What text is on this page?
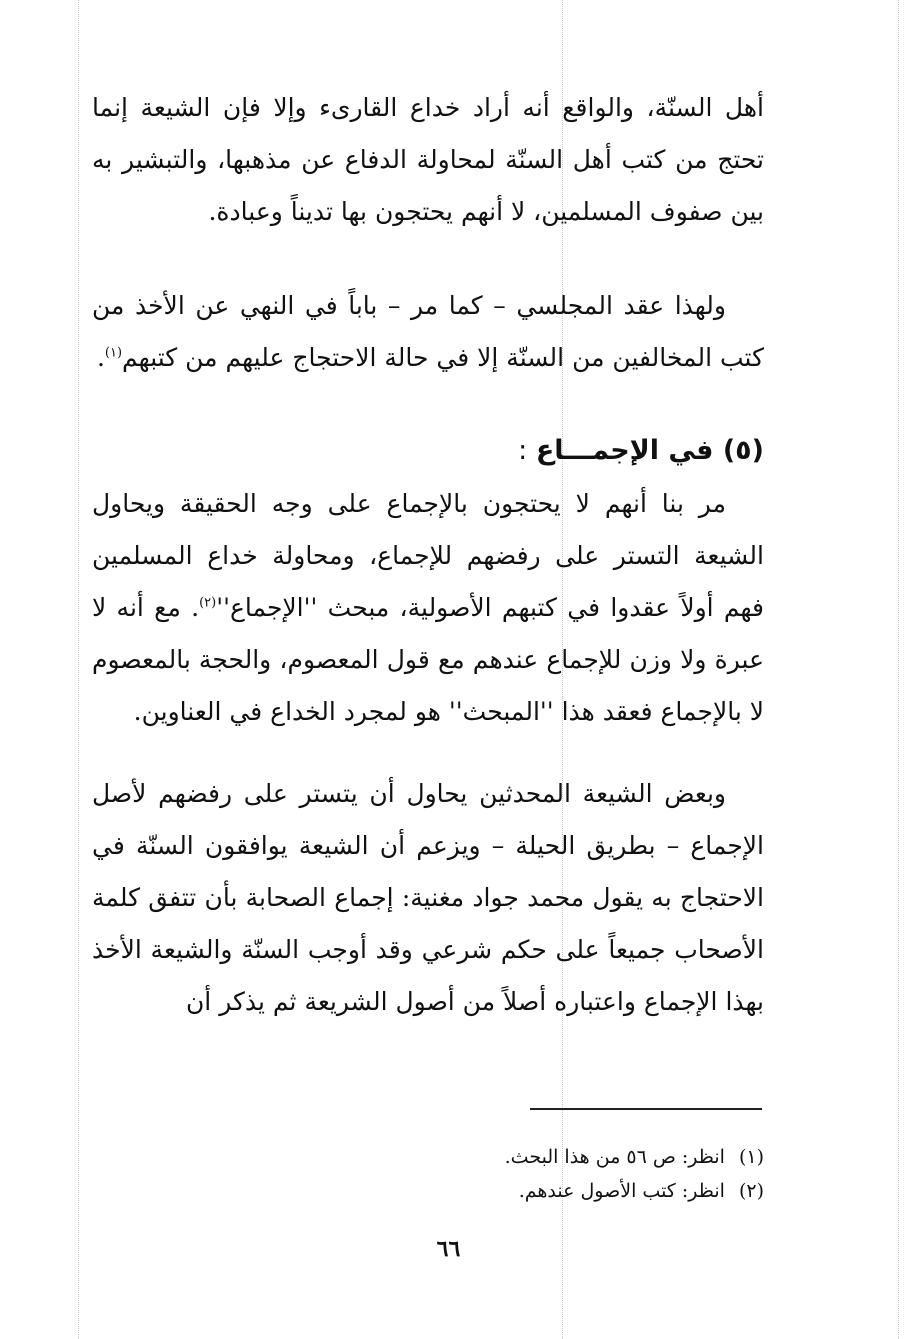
أهل السنّة، والواقع أنه أراد خداع القارىء وإلا فإن الشيعة إنما تحتج من كتب أهل السنّة لمحاولة الدفاع عن مذهبها، والتبشير به بين صفوف المسلمين، لا أنهم يحتجون بها تديناً وعبادة.

ولهذا عقد المجلسي – كما مر – باباً في النهي عن الأخذ من كتب المخالفين من السنّة إلا في حالة الاحتجاج عليهم من كتبهم$^{(١)}$.

(٥) في الإجمـــاع :

مر بنا أنهم لا يحتجون بالإجماع على وجه الحقيقة ويحاول الشيعة التستر على رفضهم للإجماع، ومحاولة خداع المسلمين فهم أولاً عقدوا في كتبهم الأصولية، مبحث ''الإجماع''$^{(٢)}$. مع أنه لا عبرة ولا وزن للإجماع عندهم مع قول المعصوم، والحجة بالمعصوم لا بالإجماع فعقد هذا ''المبحث'' هو لمجرد الخداع في العناوين.

وبعض الشيعة المحدثين يحاول أن يتستر على رفضهم لأصل الإجماع – بطريق الحيلة – ويزعم أن الشيعة يوافقون السنّة في الاحتجاج به يقول محمد جواد مغنية: إجماع الصحابة بأن تتفق كلمة الأصحاب جميعاً على حكم شرعي وقد أوجب السنّة والشيعة الأخذ بهذا الإجماع واعتباره أصلاً من أصول الشريعة ثم يذكر أن

(١)انظر: ص ٥٦ من هذا البحث.
(٢)انظر: كتب الأصول عندهم.
٦٦
